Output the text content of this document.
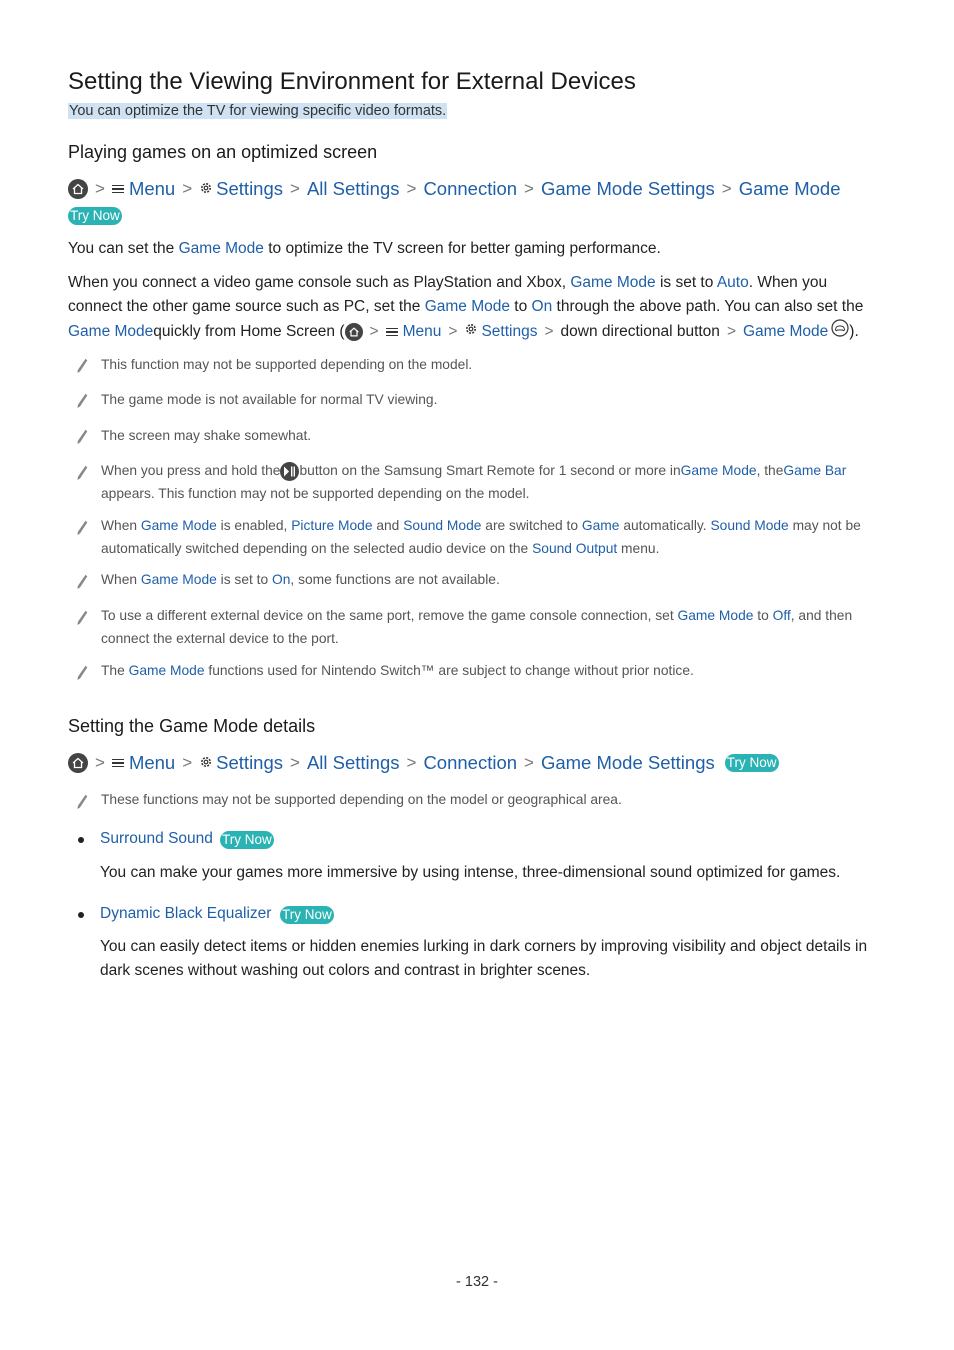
Setting the Viewing Environment for External Devices
You can optimize the TV for viewing specific video formats.
Playing games on an optimized screen
> Menu > Settings > All Settings > Connection > Game Mode Settings > Game Mode
Try Now
You can set the Game Mode to optimize the TV screen for better gaming performance.
When you connect a video game console such as PlayStation and Xbox, Game Mode is set to Auto. When you
connect the other game source such as PC, set the Game Mode to On through the above path. You can also set the
Game Mode quickly from Home Screen ( > Menu > Settings > down directional button > Game Mode ).
This function may not be supported depending on the model.
The game mode is not available for normal TV viewing.
The screen may shake somewhat.
When you press and hold the button on the Samsung Smart Remote for 1 second or more in Game Mode , the Game Bar
appears. This function may not be supported depending on the model.
When Game Mode is enabled, Picture Mode and Sound Mode are switched to Game automatically. Sound Mode may not be
automatically switched depending on the selected audio device on the Sound Output menu.
When Game Mode is set to On, some functions are not available.
To use a different external device on the same port, remove the game console connection, set Game Mode to Off, and then
connect the external device to the port.
The Game Mode functions used for Nintendo Switch™ are subject to change without prior notice.
Setting the Game Mode details
> Menu > Settings > All Settings > Connection > Game Mode Settings Try Now
These functions may not be supported depending on the model or geographical area.
Surround Sound Try Now
You can make your games more immersive by using intense, three-dimensional sound optimized for games.
Dynamic Black Equalizer Try Now
You can easily detect items or hidden enemies lurking in dark corners by improving visibility and object details in
dark scenes without washing out colors and contrast in brighter scenes.
- 132 -
